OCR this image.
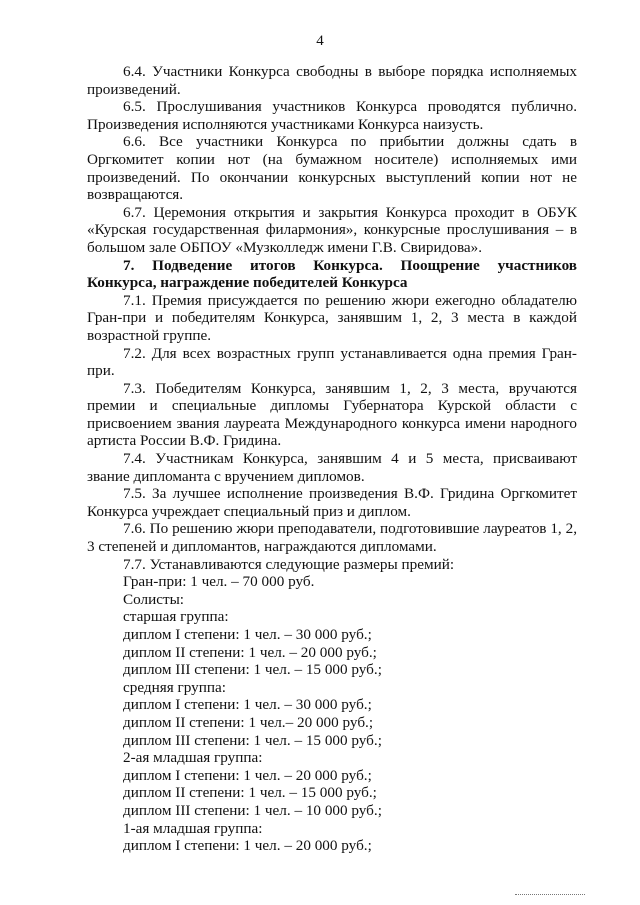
4

6.4. Участники Конкурса свободны в выборе порядка исполняемых произведений.

6.5. Прослушивания участников Конкурса проводятся публично. Произведения исполняются участниками Конкурса наизусть.

6.6. Все участники Конкурса по прибытии должны сдать в Оргкомитет копии нот (на бумажном носителе) исполняемых ими произведений. По окончании конкурсных выступлений копии нот не возвращаются.

6.7. Церемония открытия и закрытия Конкурса проходит в ОБУК «Курская государственная филармония», конкурсные прослушивания – в большом зале ОБПОУ «Музколледж имени Г.В. Свиридова».

7. Подведение итогов Конкурса. Поощрение участников Конкурса, награждение победителей Конкурса

7.1. Премия присуждается по решению жюри ежегодно обладателю Гран-при и победителям Конкурса, занявшим 1, 2, 3 места в каждой возрастной группе.

7.2. Для всех возрастных групп устанавливается одна премия Гран-при.

7.3. Победителям Конкурса, занявшим 1, 2, 3 места, вручаются премии и специальные дипломы Губернатора Курской области с присвоением звания лауреата Международного конкурса имени народного артиста России В.Ф. Гридина.

7.4. Участникам Конкурса, занявшим 4 и 5 места, присваивают звание дипломанта с вручением дипломов.

7.5. За лучшее исполнение произведения В.Ф. Гридина Оргкомитет Конкурса учреждает специальный приз и диплом.

7.6. По решению жюри преподаватели, подготовившие лауреатов 1, 2, 3 степеней и дипломантов, награждаются дипломами.

7.7. Устанавливаются следующие размеры премий:
Гран-при: 1 чел. – 70 000 руб.
Солисты:
старшая группа:
диплом I степени: 1 чел. – 30 000 руб.;
диплом II степени: 1 чел. – 20 000 руб.;
диплом III степени: 1 чел. – 15 000 руб.;
средняя группа:
диплом I степени: 1 чел. – 30 000 руб.;
диплом II степени: 1 чел.– 20 000 руб.;
диплом III степени: 1 чел. – 15 000 руб.;
2-ая младшая группа:
диплом I степени: 1 чел. – 20 000 руб.;
диплом II степени: 1 чел. – 15 000 руб.;
диплом III степени: 1 чел. – 10 000 руб.;
1-ая младшая группа:
диплом I степени: 1 чел. – 20 000 руб.;
